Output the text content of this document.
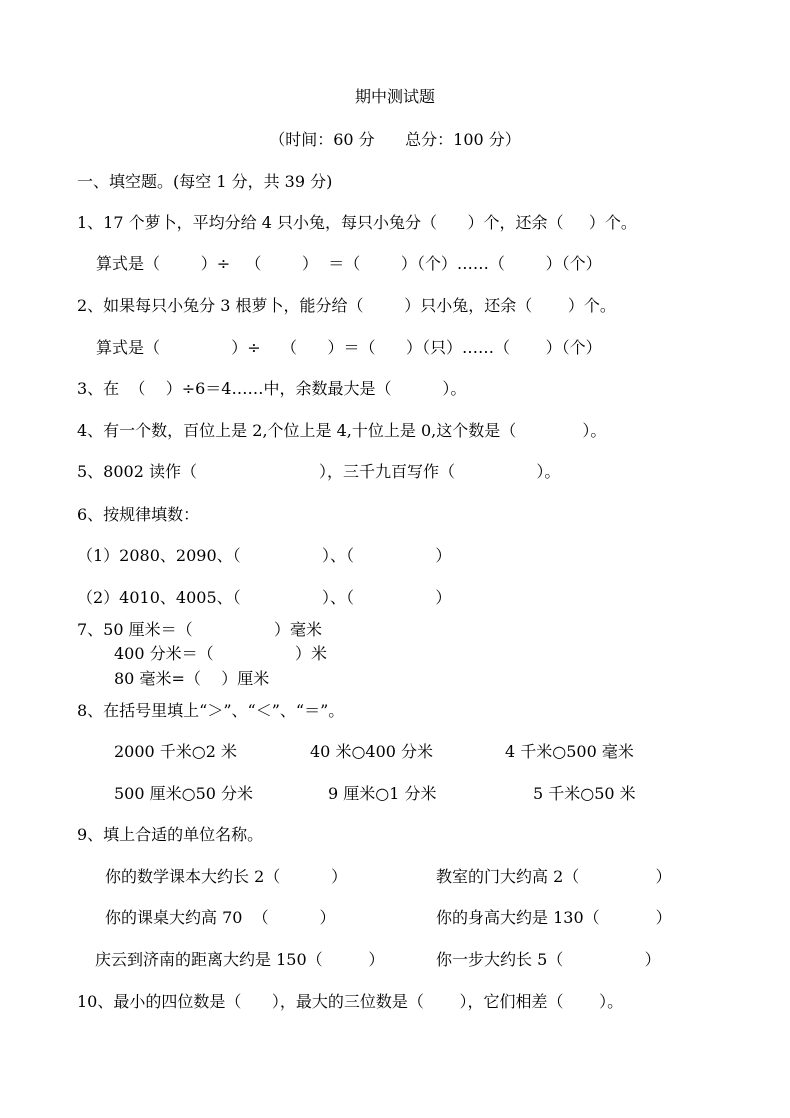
期中测试题
（时间：60 分      总分：100 分）
一、填空题。(每空 1 分，共 39 分)
1、17 个萝卜，平均分给 4 只小兔，每只小兔分（      ）个，还余（     ）个。
算式是（        ）÷   （        ）  ＝（        ）（个）……（        ）（个）
2、如果每只小兔分 3 根萝卜，能分给（        ）只小兔，还余（       ）个。
算式是（              ）÷    （      ）＝（      ）（只）……（       ）（个）
3、在  （    ）÷6＝4……中，余数最大是（          ）。
4、有一个数，百位上是 2,个位上是 4,十位上是 0,这个数是（             ）。
5、8002 读作（                        ），三千九百写作（                ）。
6、按规律填数：
（1）2080、2090、（                ）、（                ）
（2）4010、4005、（                ）、（                ）
7、50 厘米＝（                ）毫米
400 分米＝（                ）米
80 毫米=（    ）厘米
8、在括号里填上“＞”、“＜”、“＝”。
2000 千米○2 米	40 米○400 分米	4 千米○500 毫米
500 厘米○50 分米	9 厘米○1 分米	5 千米○50 米
9、填上合适的单位名称。
你的数学课本大约长 2（          ）	教室的门大约高 2（               ）
你的课桌大约高 70  （          ）	你的身高大约是 130（           ）
庆云到济南的距离大约是 150（         ）	你一步大约长 5（                ）
10、最小的四位数是（      ），最大的三位数是（       ），它们相差（       ）。
